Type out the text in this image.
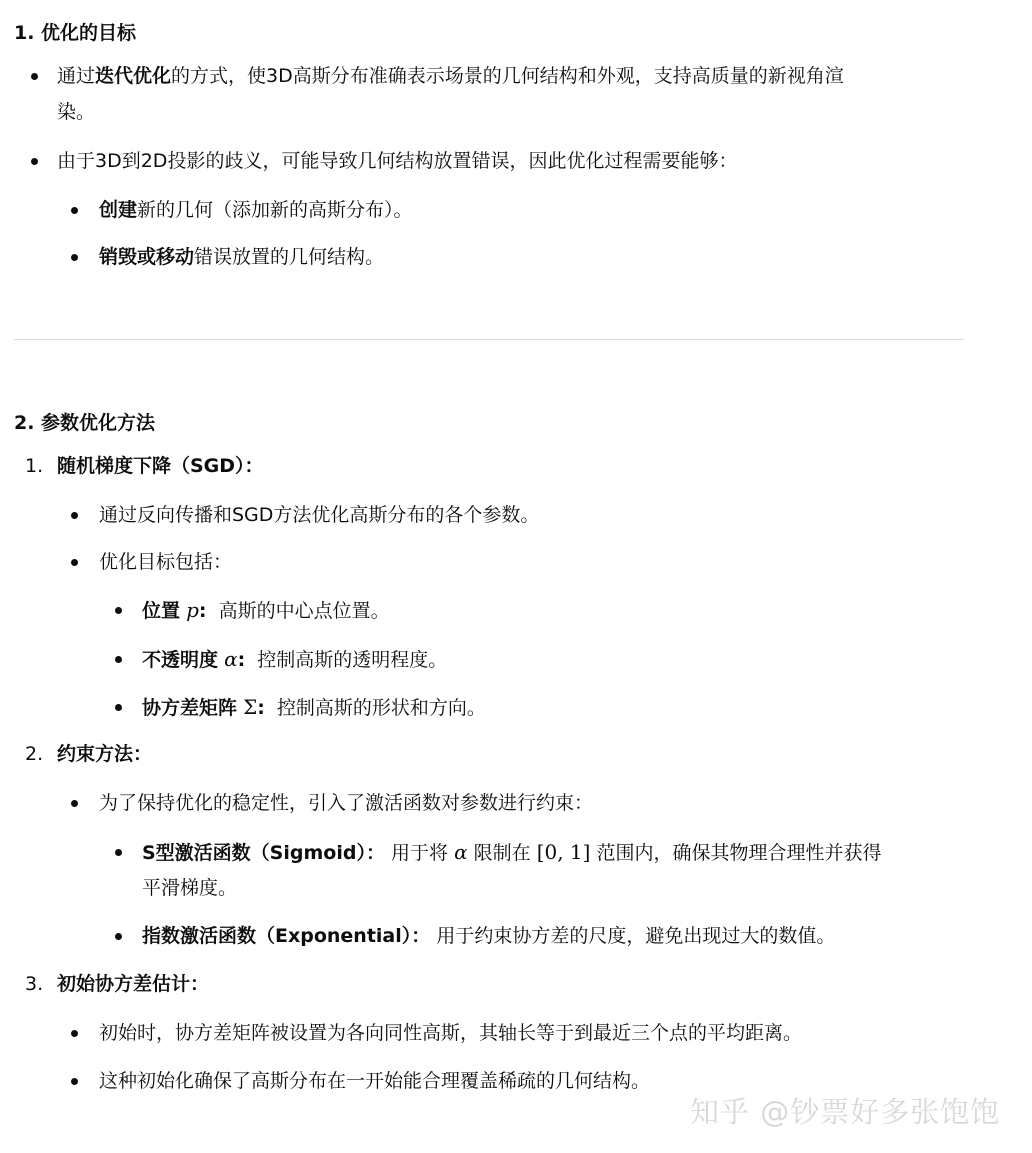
1. 优化的目标
通过迭代优化的方式，使3D高斯分布准确表示场景的几何结构和外观，支持高质量的新视角渲
染。
由于3D到2D投影的歧义，可能导致几何结构放置错误，因此优化过程需要能够：
创建新的几何（添加新的高斯分布）。
销毁或移动错误放置的几何结构。
2. 参数优化方法
1. 随机梯度下降（SGD）：
通过反向传播和SGD方法优化高斯分布的各个参数。
优化目标包括：
位置 p: 高斯的中心点位置。
不透明度 α: 控制高斯的透明程度。
协方差矩阵 Σ: 控制高斯的形状和方向。
2. 约束方法：
为了保持优化的稳定性，引入了激活函数对参数进行约束：
S型激活函数（Sigmoid）： 用于将 α 限制在 [0, 1] 范围内，确保其物理合理性并获得
平滑梯度。
指数激活函数（Exponential）： 用于约束协方差的尺度，避免出现过大的数值。
3. 初始协方差估计：
初始时，协方差矩阵被设置为各向同性高斯，其轴长等于到最近三个点的平均距离。
这种初始化确保了高斯分布在一开始能合理覆盖稀疏的几何结构。
知乎 @钞票好多张饱饱
